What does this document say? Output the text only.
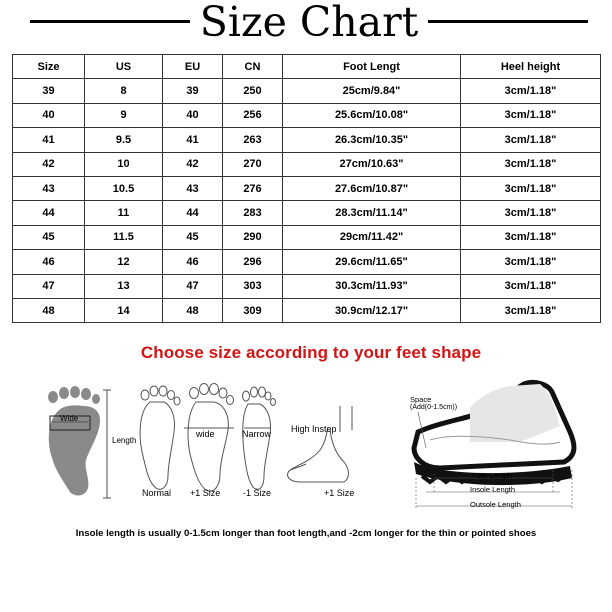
Size Chart
Size	US	EU	CN	Foot Lengt	Heel height
39	8	39	250	25cm/9.84"	3cm/1.18"
40	9	40	256	25.6cm/10.08"	3cm/1.18"
41	9.5	41	263	26.3cm/10.35"	3cm/1.18"
42	10	42	270	27cm/10.63"	3cm/1.18"
43	10.5	43	276	27.6cm/10.87"	3cm/1.18"
44	11	44	283	28.3cm/11.14"	3cm/1.18"
45	11.5	45	290	29cm/11.42"	3cm/1.18"
46	12	46	296	29.6cm/11.65"	3cm/1.18"
47	13	47	303	30.3cm/11.93"	3cm/1.18"
48	14	48	309	30.9cm/12.17"	3cm/1.18"
Choose size according to your feet shape
Wide
Length
wide	Narrow High Instep
Normal +1 Size	-1 Size	+1 Size
Space
(Add(0-1.5cm))
Foot Length
Insole Length
Outsole Length
Insole length is usually 0-1.5cm longer than foot length,and -2cm longer for the thin or pointed shoes
